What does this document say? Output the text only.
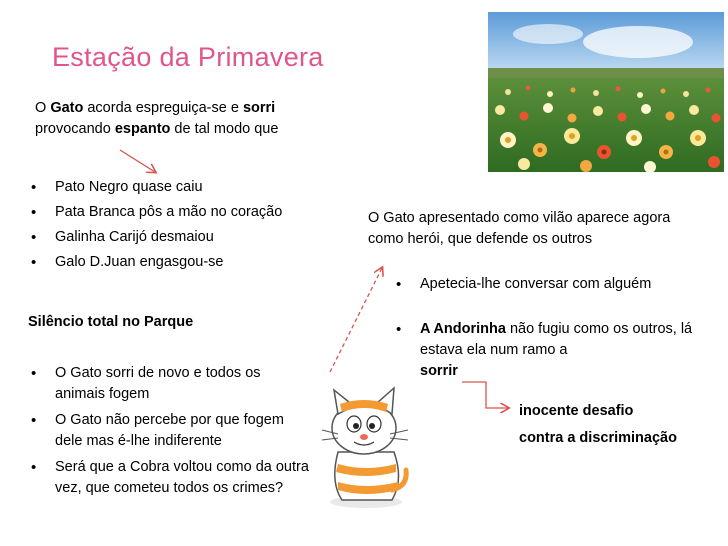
Estação da Primavera
O Gato acorda espreguiça-se e sorri
provocando espanto de tal modo que
• Pato Negro quase caiu
• Pata Branca pôs a mão no coração
• Galinha Carijó desmaiou
• Galo D.Juan engasgou-se
Silêncio total no Parque
• O Gato sorri de novo e todos os animais fogem
• O Gato não percebe por que fogem dele mas é-lhe indiferente
• Será que a Cobra voltou como da outra vez, que cometeu todos os crimes?
O Gato apresentado como vilão aparece agora
como herói, que defende os outros
• Apetecia-lhe conversar com alguém
• A Andorinha não fugiu como os outros, lá estava ela num ramo a
sorrir
inocente desafio
contra a discriminação
